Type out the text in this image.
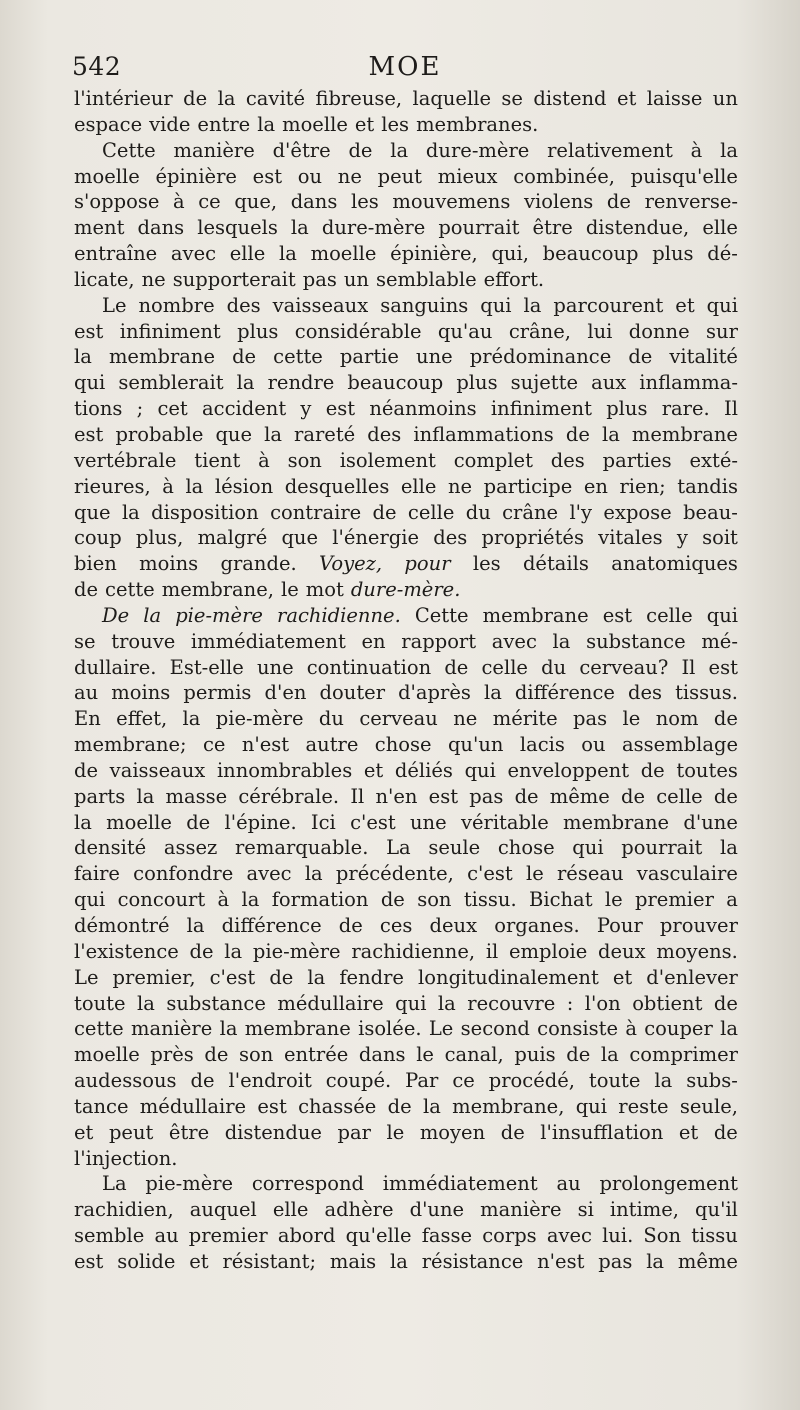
542	MOE
l'intérieur de la cavité fibreuse, laquelle se distend et laisse un
espace vide entre la moelle et les membranes.
Cette manière d'être de la dure-mère relativement à la
moelle épinière est ou ne peut mieux combinée, puisqu'elle
s'oppose à ce que, dans les mouvemens violens de renverse-
ment dans lesquels la dure-mère pourrait être distendue, elle
entraîne avec elle la moelle épinière, qui, beaucoup plus dé-
licate, ne supporterait pas un semblable effort.
Le nombre des vaisseaux sanguins qui la parcourent et qui
est infiniment plus considérable qu'au crâne, lui donne sur
la membrane de cette partie une prédominance de vitalité
qui semblerait la rendre beaucoup plus sujette aux inflamma-
tions ; cet accident y est néanmoins infiniment plus rare. Il
est probable que la rareté des inflammations de la membrane
vertébrale tient à son isolement complet des parties exté-
rieures, à la lésion desquelles elle ne participe en rien; tandis
que la disposition contraire de celle du crâne l'y expose beau-
coup plus, malgré que l'énergie des propriétés vitales y soit
bien moins grande. Voyez, pour les détails anatomiques
de cette membrane, le mot dure-mère.
De la pie-mère rachidienne. Cette membrane est celle qui
se trouve immédiatement en rapport avec la substance mé-
dullaire. Est-elle une continuation de celle du cerveau? Il est
au moins permis d'en douter d'après la différence des tissus.
En effet, la pie-mère du cerveau ne mérite pas le nom de
membrane; ce n'est autre chose qu'un lacis ou assemblage
de vaisseaux innombrables et déliés qui enveloppent de toutes
parts la masse cérébrale. Il n'en est pas de même de celle de
la moelle de l'épine. Ici c'est une véritable membrane d'une
densité assez remarquable. La seule chose qui pourrait la
faire confondre avec la précédente, c'est le réseau vasculaire
qui concourt à la formation de son tissu. Bichat le premier a
démontré la différence de ces deux organes. Pour prouver
l'existence de la pie-mère rachidienne, il emploie deux moyens.
Le premier, c'est de la fendre longitudinalement et d'enlever
toute la substance médullaire qui la recouvre : l'on obtient de
cette manière la membrane isolée. Le second consiste à couper la
moelle près de son entrée dans le canal, puis de la comprimer
audessous de l'endroit coupé. Par ce procédé, toute la subs-
tance médullaire est chassée de la membrane, qui reste seule,
et peut être distendue par le moyen de l'insufflation et de
l'injection.
La pie-mère correspond immédiatement au prolongement
rachidien, auquel elle adhère d'une manière si intime, qu'il
semble au premier abord qu'elle fasse corps avec lui. Son tissu
est solide et résistant; mais la résistance n'est pas la même
